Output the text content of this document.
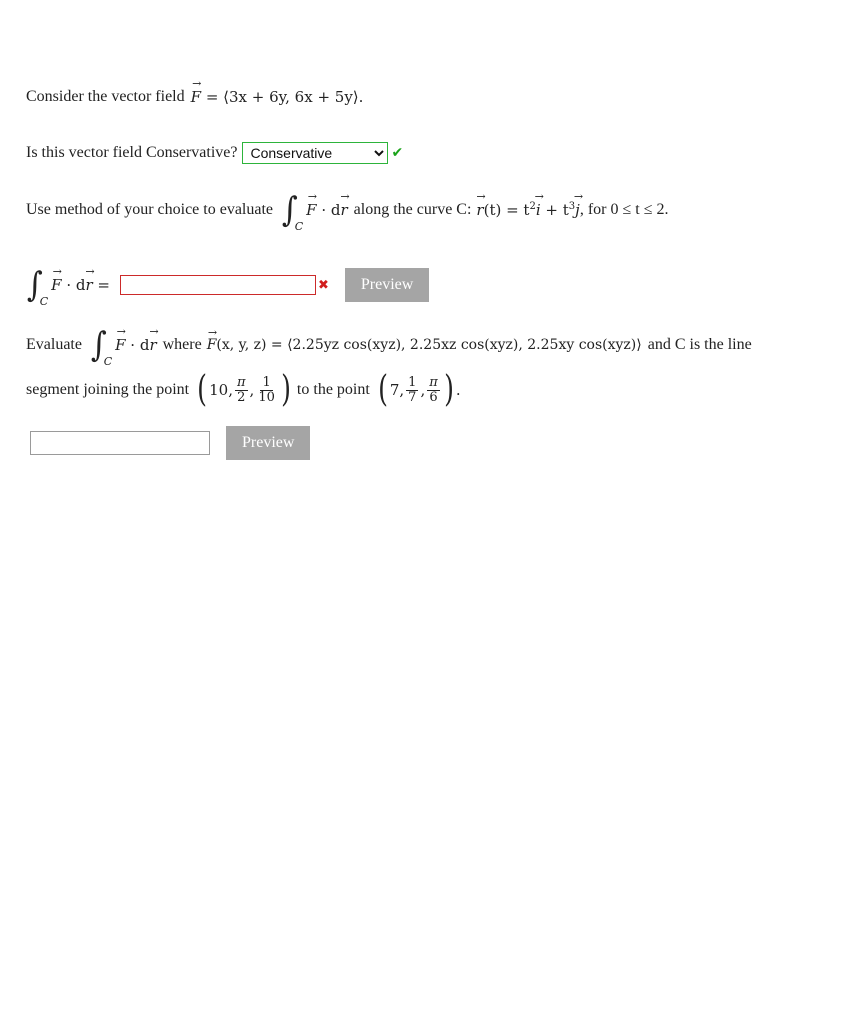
Consider the vector field → F = ⟨3x + 6y, 6x + 5y⟩.
Is this vector field Conservative?
Conservative	✔
Use method of your choice to evaluate ∫
C
→ F · d→ r along the curve C: → $r(t) = t^2\to i + t^3\to j$ , for 0 ≤ t ≤ 2.
∫
C
→ F · d→ r =	✖	Preview
Evaluate ∫
C
→ F · d→ r where → F(x, y, z) = ⟨2.25yz cos(xyz), 2.25xz cos(xyz), 2.25xy cos(xyz)⟩ and C is the line
segment joining the point ( 10, $\frac{\pi}{2}$ , $\frac{1}{10}$ ) to the point ( 7, $\frac{1}{7}$ , $\frac{\pi}{6}$ ) .
Preview
